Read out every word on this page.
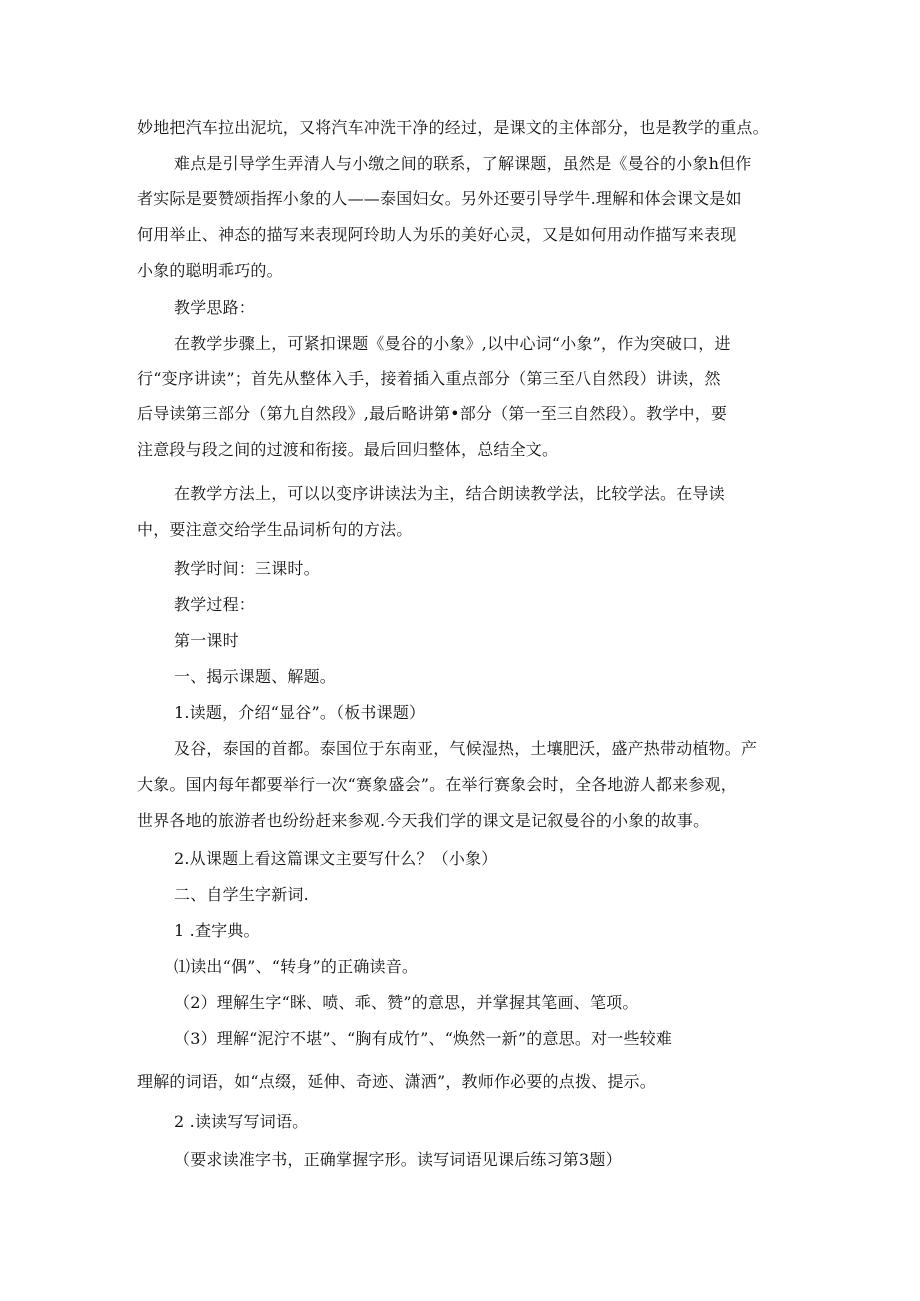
妙地把汽车拉出泥坑，又将汽车冲洗干净的经过，是课文的主体部分，也是教学的重点。
难点是引导学生弄清人与小缴之间的联系，了解课题，虽然是《曼谷的小象h但作
者实际是要赞颂指挥小象的人——泰国妇女。另外还要引导学牛.理解和体会课文是如
何用举止、神态的描写来表现阿玲助人为乐的美好心灵，又是如何用动作描写来表现
小象的聪明乖巧的。
教学思路：
在教学步骤上，可紧扣课题《曼谷的小象》,以中心词“小象”，作为突破口，进
行“变序讲读”；首先从整体入手，接着插入重点部分（第三至八自然段）讲读，然
后导读第三部分（第九自然段》,最后略讲第•部分（第一至三自然段）。教学中，要
注意段与段之间的过渡和衔接。最后回归整体，总结全文。
在教学方法上，可以以变序讲读法为主，结合朗读教学法，比较学法。在导读
中，要注意交给学生品词析句的方法。
教学时间：三课时。
教学过程：
第一课时
一、揭示课题、解题。
1.读题，介绍“显谷”。（板书课题）
及谷，泰国的首都。泰国位于东南亚，气候湿热，土壤肥沃，盛产热带动植物。产
大象。国内每年都要举行一次“赛象盛会”。在举行赛象会时，全各地游人都来参观，
世界各地的旅游者也纷纷赶来参观.今天我们学的课文是记叙曼谷的小象的故事。
2.从课题上看这篇课文主要写什么？（小象）
二、自学生字新词.
1 .查字典。
⑴读出“偶”、“转身”的正确读音。
（2）理解生字“眯、喷、乖、赞”的意思，并掌握其笔画、笔项。
（3）理解“泥泞不堪”、“胸有成竹”、“焕然一新”的意思。对一些较难
理解的词语，如“点缀，延伸、奇迹、潇洒”，教师作必要的点拨、提示。
2 .读读写写词语。
（要求读准字书，正确掌握字形。读写词语见课后练习第3题）
